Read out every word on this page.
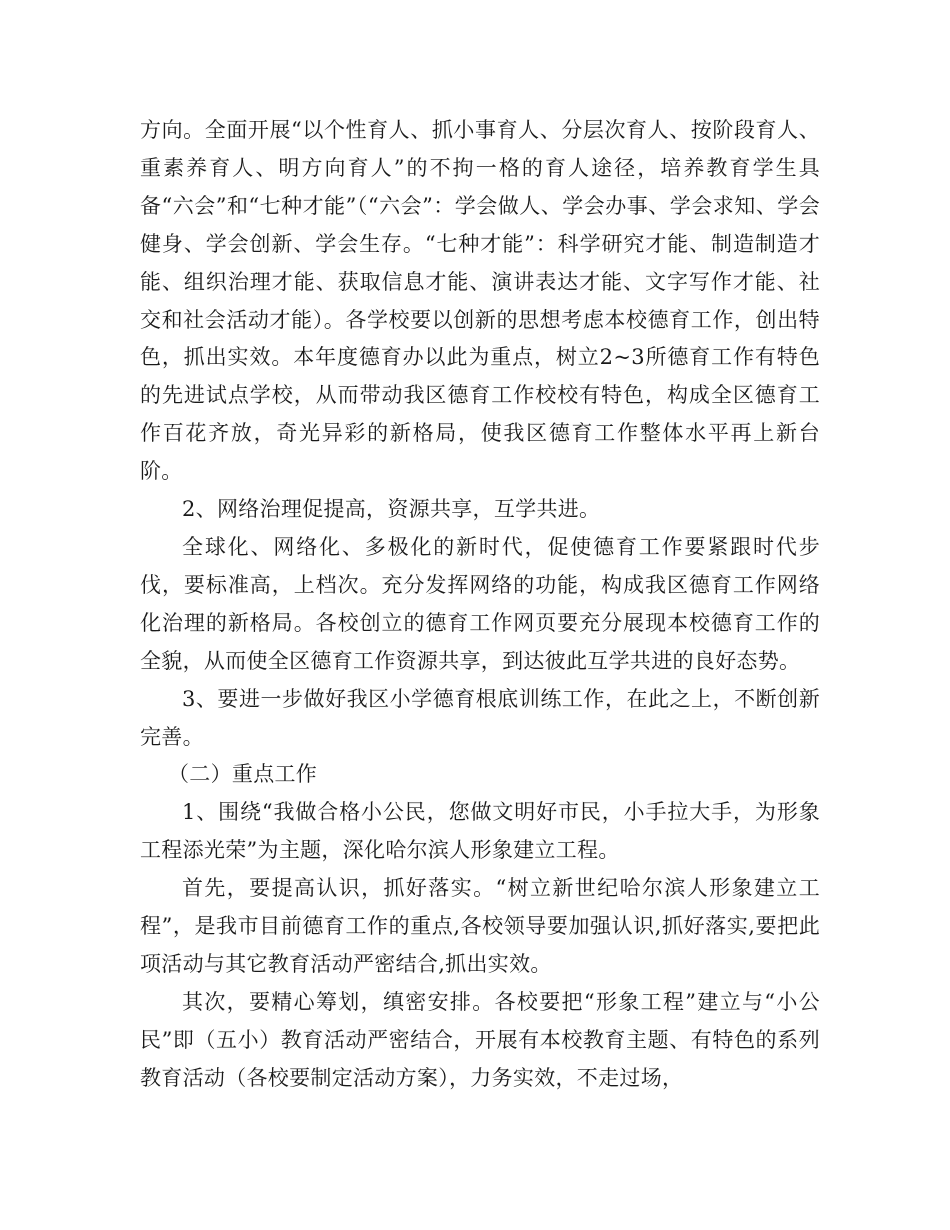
方向。全面开展“以个性育人、抓小事育人、分层次育人、按阶段育人、重素养育人、明方向育人”的不拘一格的育人途径，培养教育学生具备“六会”和“七种才能”（“六会”：学会做人、学会办事、学会求知、学会健身、学会创新、学会生存。“七种才能”：科学研究才能、制造制造才能、组织治理才能、获取信息才能、演讲表达才能、文字写作才能、社交和社会活动才能）。各学校要以创新的思想考虑本校德育工作，创出特色，抓出实效。本年度德育办以此为重点，树立2~3所德育工作有特色的先进试点学校，从而带动我区德育工作校校有特色，构成全区德育工作百花齐放，奇光异彩的新格局，使我区德育工作整体水平再上新台阶。

2、网络治理促提高，资源共享，互学共进。

全球化、网络化、多极化的新时代，促使德育工作要紧跟时代步伐，要标准高，上档次。充分发挥网络的功能，构成我区德育工作网络化治理的新格局。各校创立的德育工作网页要充分展现本校德育工作的全貌，从而使全区德育工作资源共享，到达彼此互学共进的良好态势。

3、要进一步做好我区小学德育根底训练工作，在此之上，不断创新完善。

（二）重点工作

1、围绕“我做合格小公民，您做文明好市民，小手拉大手，为形象工程添光荣”为主题，深化哈尔滨人形象建立工程。

首先，要提高认识，抓好落实。“树立新世纪哈尔滨人形象建立工程”，是我市目前德育工作的重点,各校领导要加强认识,抓好落实,要把此项活动与其它教育活动严密结合,抓出实效。

其次，要精心筹划，缜密安排。各校要把“形象工程”建立与“小公民”即（五小）教育活动严密结合，开展有本校教育主题、有特色的系列教育活动（各校要制定活动方案），力务实效，不走过场，
